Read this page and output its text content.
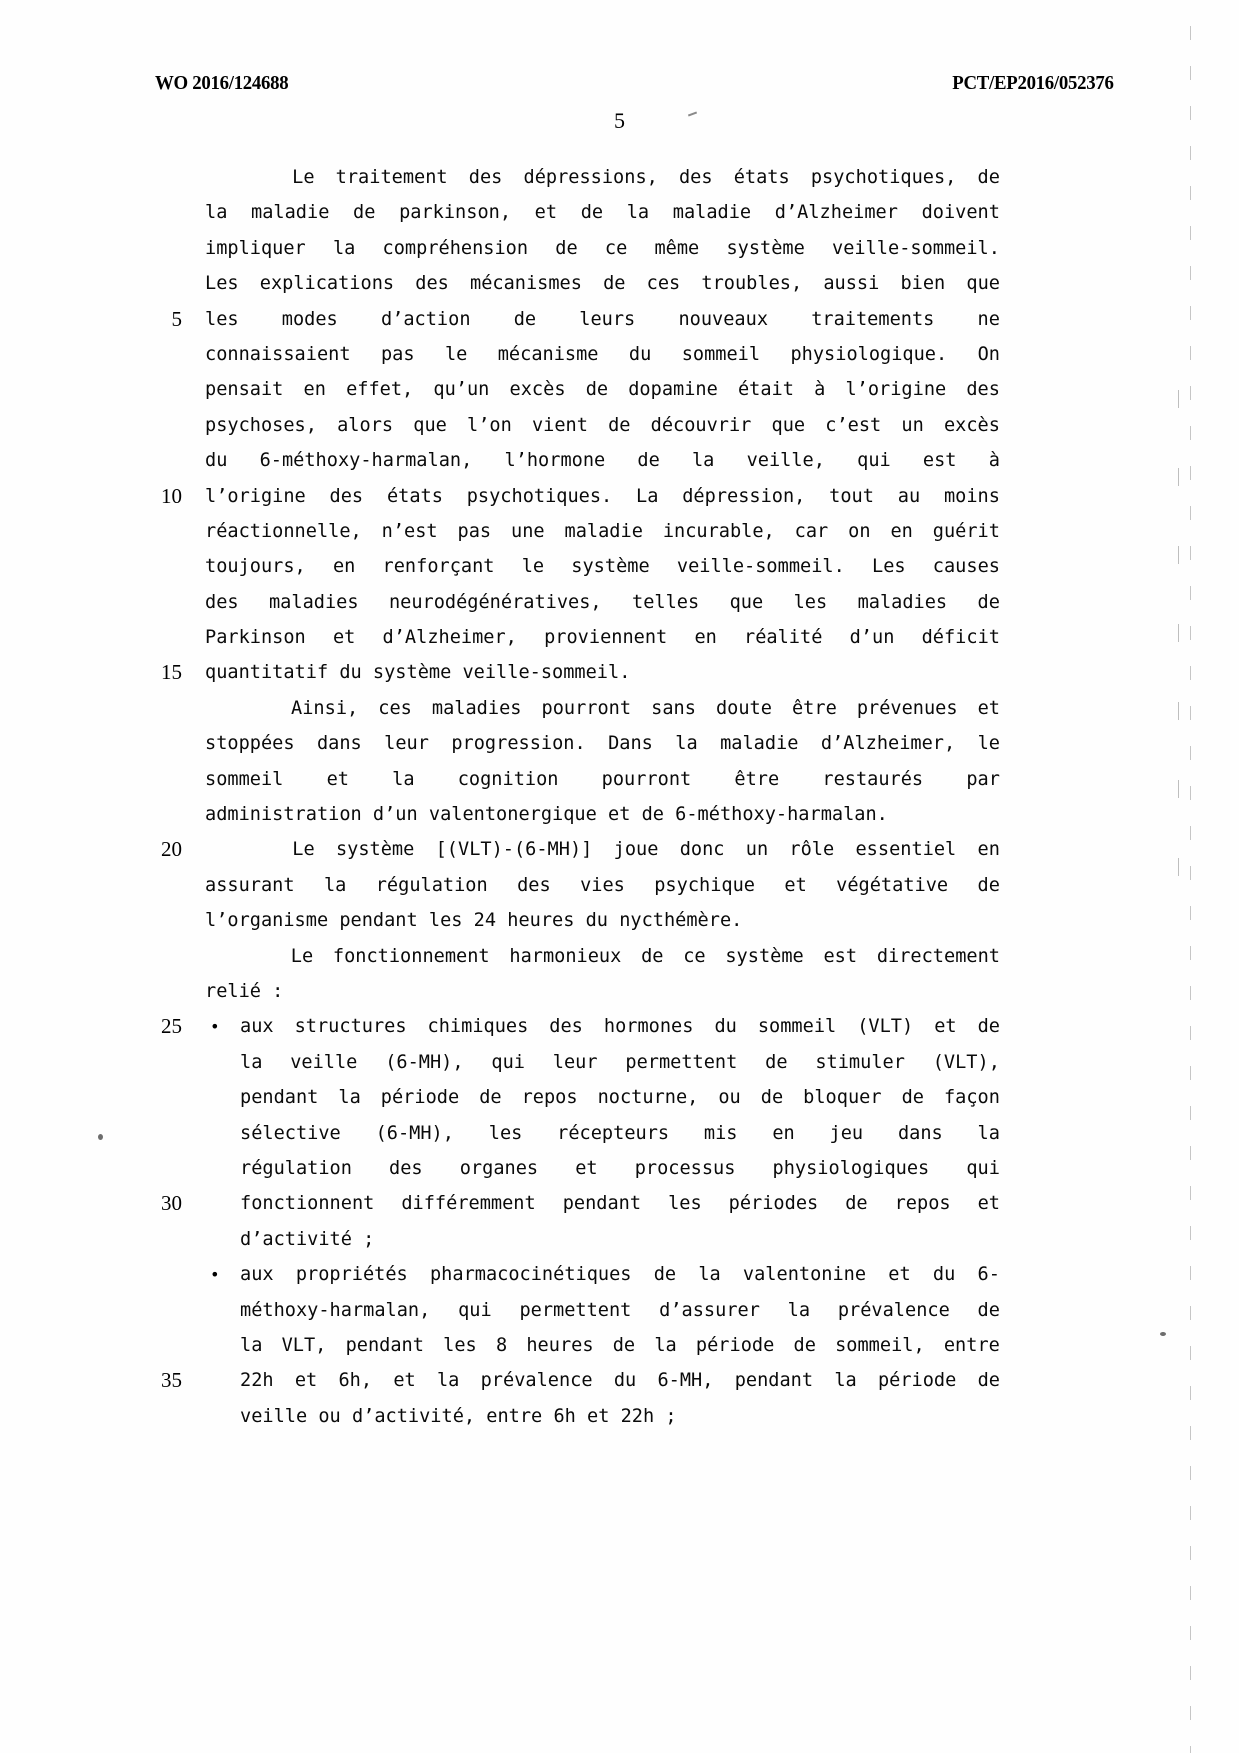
WO 2016/124688	PCT/EP2016/052376
5
Le traitement des dépressions, des états psychotiques, de
la maladie de parkinson, et de la maladie d’Alzheimer doivent
impliquer la compréhension de ce même système veille-sommeil.
Les explications des mécanismes de ces troubles, aussi bien que
5 les modes d’action de leurs nouveaux traitements ne
connaissaient pas le mécanisme du sommeil physiologique. On
pensait en effet, qu’un excès de dopamine était à l’origine des
psychoses, alors que l’on vient de découvrir que c’est un excès
du 6-méthoxy-harmalan, l’hormone de la veille, qui est à
10 l’origine des états psychotiques. La dépression, tout au moins
réactionnelle, n’est pas une maladie incurable, car on en guérit
toujours, en renforçant le système veille-sommeil. Les causes
des maladies neurodégénératives, telles que les maladies de
Parkinson et d’Alzheimer, proviennent en réalité d’un déficit
15 quantitatif du système veille-sommeil.
Ainsi, ces maladies pourront sans doute être prévenues et
stoppées dans leur progression. Dans la maladie d’Alzheimer, le
sommeil et la cognition pourront être restaurés par
administration d’un valentonergique et de 6-méthoxy-harmalan.
20	Le système [(VLT)-(6-MH)] joue donc un rôle essentiel en
assurant la régulation des vies psychique et végétative de
l’organisme pendant les 24 heures du nycthémère.
Le fonctionnement harmonieux de ce système est directement
relié :
25 • aux structures chimiques des hormones du sommeil (VLT) et de
la veille (6-MH), qui leur permettent de stimuler (VLT),
pendant la période de repos nocturne, ou de bloquer de façon
sélective (6-MH), les récepteurs mis en jeu dans la
régulation des organes et processus physiologiques qui
30	fonctionnent différemment pendant les périodes de repos et
d’activité ;
• aux propriétés pharmacocinétiques de la valentonine et du 6-
méthoxy-harmalan, qui permettent d’assurer la prévalence de
la VLT, pendant les 8 heures de la période de sommeil, entre
35	22h et 6h, et la prévalence du 6-MH, pendant la période de
veille ou d’activité, entre 6h et 22h ;
